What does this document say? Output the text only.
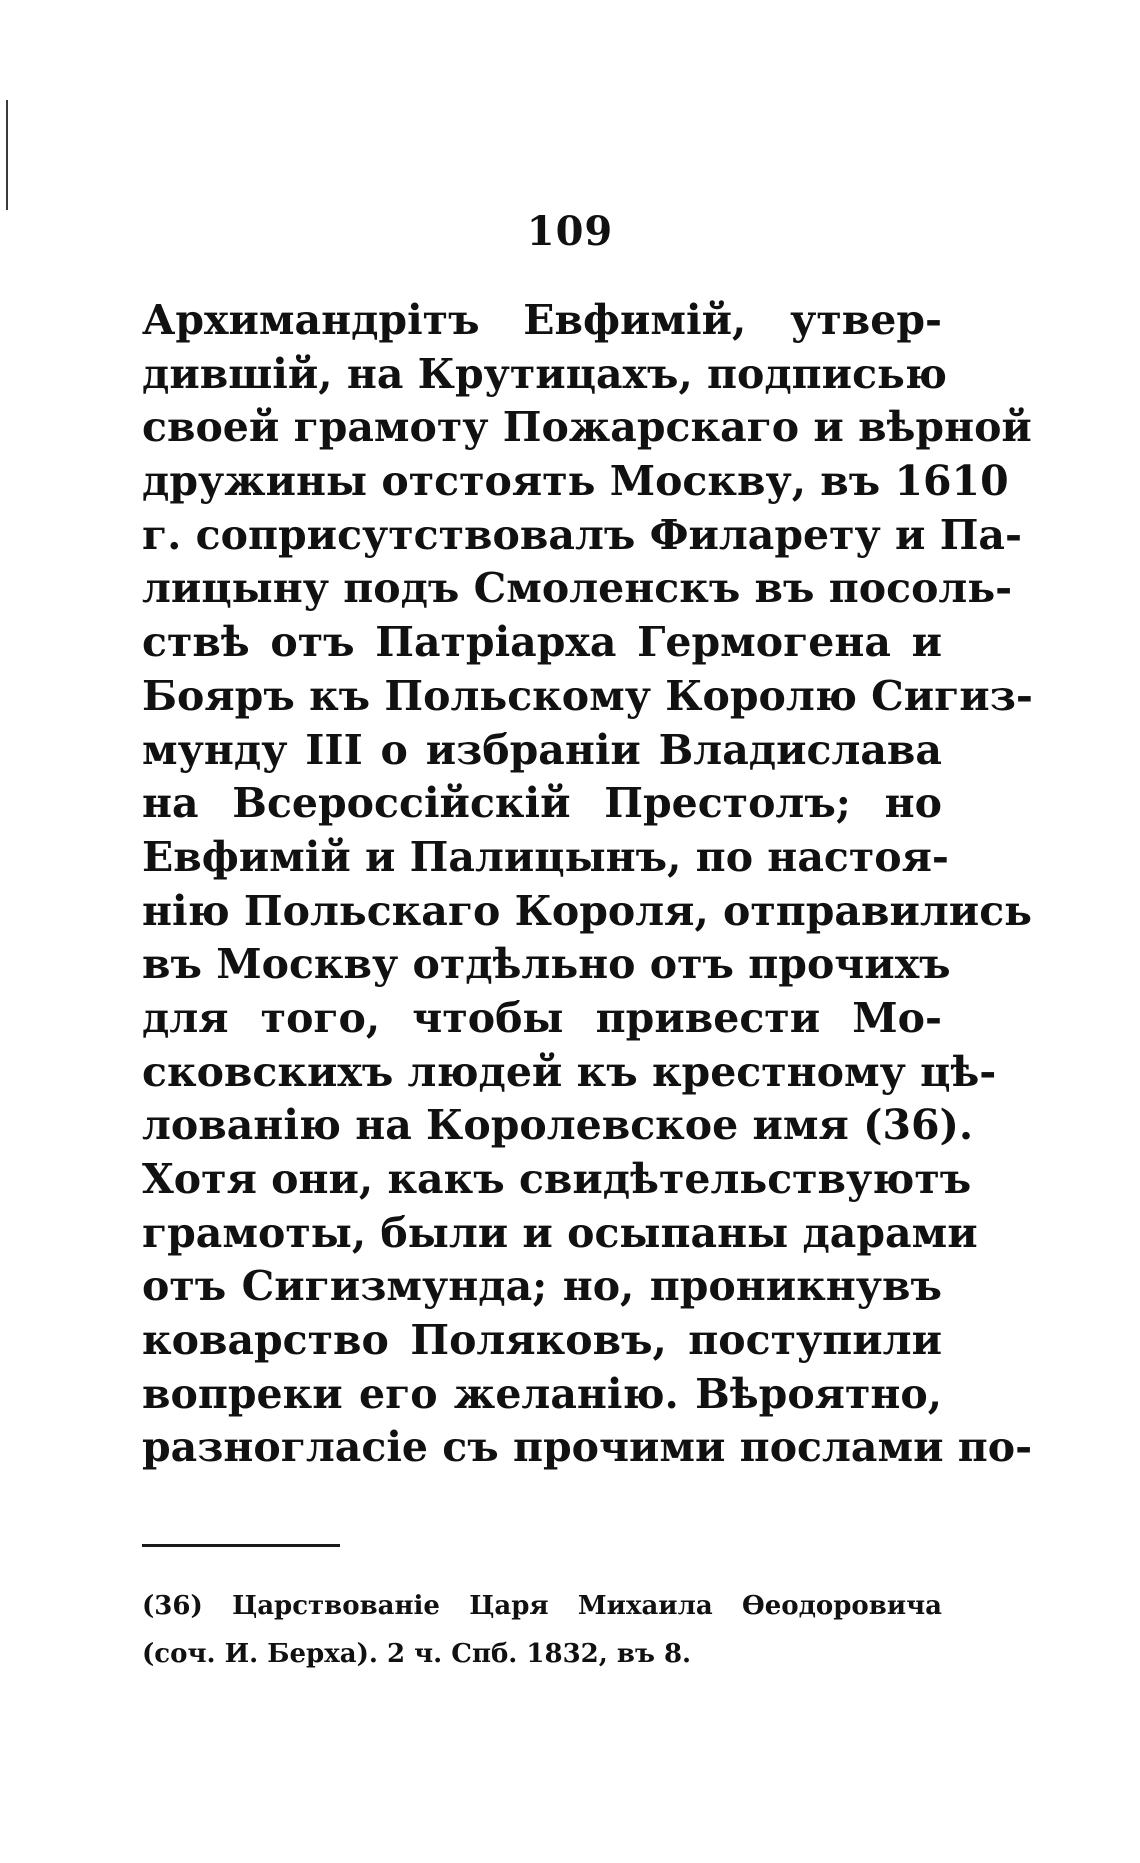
109
Архимандрітъ Евфимій, утвер-
дившій, на Крутицахъ, подписью
своей грамоту Пожарскаго и вѣрной
дружины отстоять Москву, въ 1610
г. соприсутствовалъ Филарету и Па-
лицыну подъ Смоленскъ въ посоль-
ствѣ отъ Патріарха Гермогена и
Бояръ къ Польскому Королю Сигиз-
мунду III о избраніи Владислава
на Всероссійскій Престолъ; но
Евфимій и Палицынъ, по настоя-
нію Польскаго Короля, отправились
въ Москву отдѣльно отъ прочихъ
для того, чтобы привести Мо-
сковскихъ людей къ крестному цѣ-
лованію на Королевское имя (36).
Хотя они, какъ свидѣтельствуютъ
грамоты, были и осыпаны дарами
отъ Сигизмунда; но, проникнувъ
коварство Поляковъ, поступили
вопреки его желанію. Вѣроятно,
разногласіе съ прочими послами по-
(36) Царствованіе Царя Михаила Ѳеодоровича
(соч. И. Берха). 2 ч. Спб. 1832, въ 8.
